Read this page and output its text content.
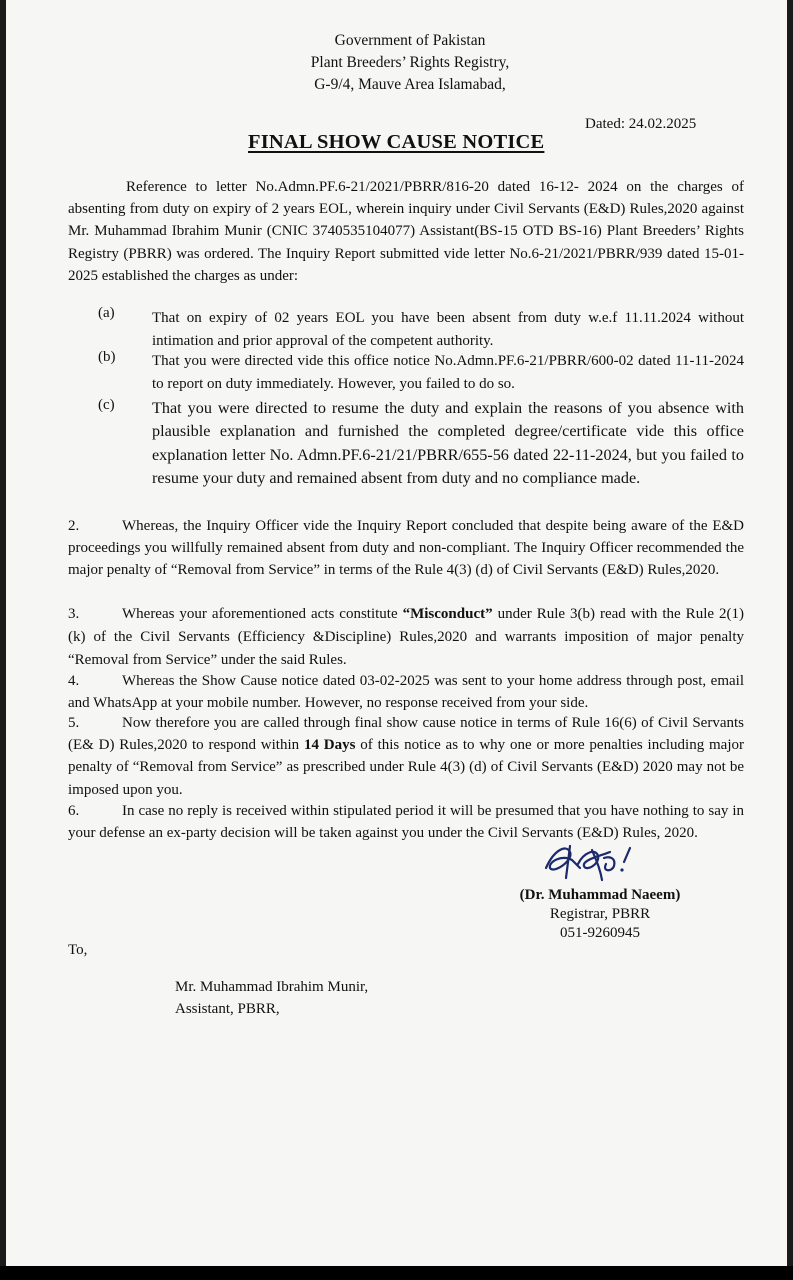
Government of Pakistan
Plant Breeders’ Rights Registry,
G-9/4, Mauve Area Islamabad,
Dated: 24.02.2025
FINAL SHOW CAUSE NOTICE
Reference to letter No.Admn.PF.6-21/2021/PBRR/816-20 dated 16-12- 2024 on the charges of absenting from duty on expiry of 2 years EOL, wherein inquiry under Civil Servants (E&D) Rules,2020 against Mr. Muhammad Ibrahim Munir (CNIC 3740535104077) Assistant(BS-15 OTD BS-16) Plant Breeders’ Rights Registry (PBRR) was ordered. The Inquiry Report submitted vide letter No.6-21/2021/PBRR/939 dated 15-01-2025 established the charges as under:
(a) That on expiry of 02 years EOL you have been absent from duty w.e.f 11.11.2024 without intimation and prior approval of the competent authority.
(b) That you were directed vide this office notice No.Admn.PF.6-21/PBRR/600-02 dated 11-11-2024 to report on duty immediately. However, you failed to do so.
(c) That you were directed to resume the duty and explain the reasons of you absence with plausible explanation and furnished the completed degree/certificate vide this office explanation letter No. Admn.PF.6-21/21/PBRR/655-56 dated 22-11-2024, but you failed to resume your duty and remained absent from duty and no compliance made.
2.	Whereas, the Inquiry Officer vide the Inquiry Report concluded that despite being aware of the E&D proceedings you willfully remained absent from duty and non-compliant. The Inquiry Officer recommended the major penalty of “Removal from Service” in terms of the Rule 4(3) (d) of Civil Servants (E&D) Rules,2020.
3.	Whereas your aforementioned acts constitute “Misconduct” under Rule 3(b) read with the Rule 2(1)(k) of the Civil Servants (Efficiency &Discipline) Rules,2020 and warrants imposition of major penalty “Removal from Service” under the said Rules.
4.	Whereas the Show Cause notice dated 03-02-2025 was sent to your home address through post, email and WhatsApp at your mobile number. However, no response received from your side.
5.	Now therefore you are called through final show cause notice in terms of Rule 16(6) of Civil Servants (E& D) Rules,2020 to respond within 14 Days of this notice as to why one or more penalties including major penalty of “Removal from Service” as prescribed under Rule 4(3) (d) of Civil Servants (E&D) 2020 may not be imposed upon you.
6.	In case no reply is received within stipulated period it will be presumed that you have nothing to say in your defense an ex-party decision will be taken against you under the Civil Servants (E&D) Rules, 2020.
(Dr. Muhammad Naeem)
Registrar, PBRR
051-9260945
To,
Mr. Muhammad Ibrahim Munir,
Assistant, PBRR,
